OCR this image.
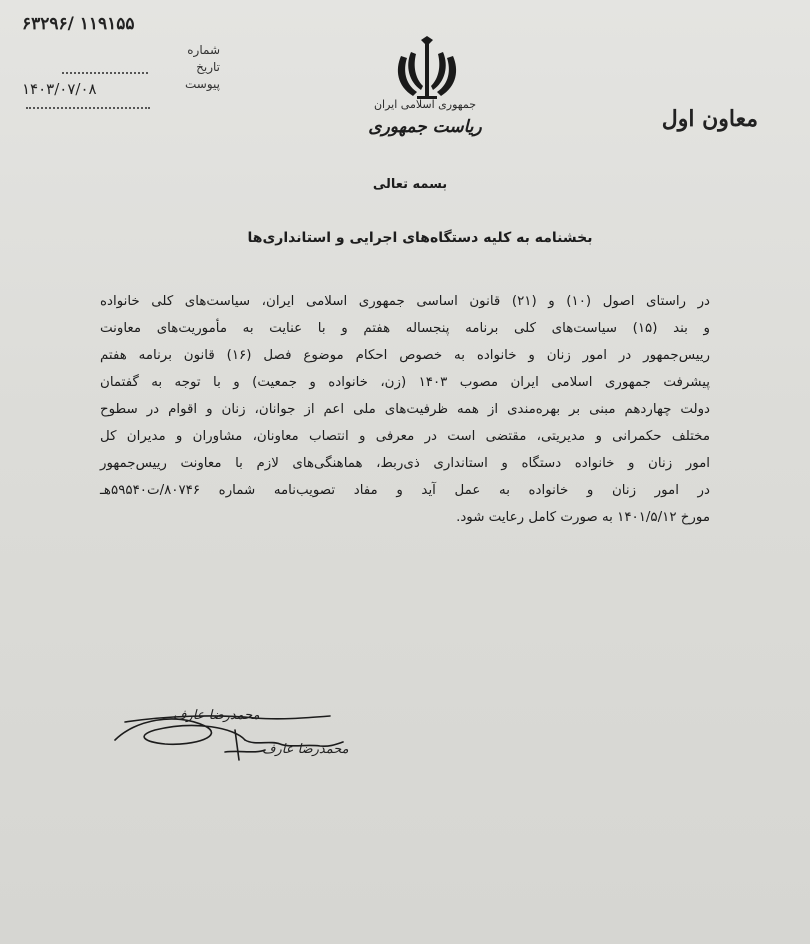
۶۳۲۹۶/ ۱۱۹۱۵۵
شماره
تاریخ
پیوست
۱۴۰۳/۰۷/۰۸
جمهوری اسلامی ایران
ریاست جمهوری	معاون اول
بسمه تعالی
بخشنامه به کلیه دستگاه‌های اجرایی و استانداری‌ها
در راستای اصول (۱۰) و (۲۱) قانون اساسی جمهوری اسلامی ایران، سیاست‌های کلی خانواده
و بند (۱۵) سیاست‌های کلی برنامه پنجساله هفتم و با عنایت به مأموریت‌های معاونت
رییس‌جمهور در امور زنان و خانواده به خصوص احکام موضوع فصل (۱۶) قانون برنامه هفتم
پیشرفت جمهوری اسلامی ایران مصوب ۱۴۰۳ (زن، خانواده و جمعیت) و با توجه به گفتمان
دولت چهاردهم مبنی بر بهره‌مندی از همه ظرفیت‌های ملی اعم از جوانان، زنان و اقوام در سطوح
مختلف حکمرانی و مدیریتی، مقتضی است در معرفی و انتصاب معاونان، مشاوران و مدیران کل
امور زنان و خانواده دستگاه و استانداری ذی‌ربط، هماهنگی‌های لازم با معاونت رییس‌جمهور
در امور زنان و خانواده به عمل آید و مفاد تصویب‌نامه شماره ۸۰۷۴۶/ت۵۹۵۴۰هـ
مورخ ۱۴۰۱/۵/۱۲ به صورت کامل رعایت شود.
محمدرضا عارف
محمدرضا عارف
